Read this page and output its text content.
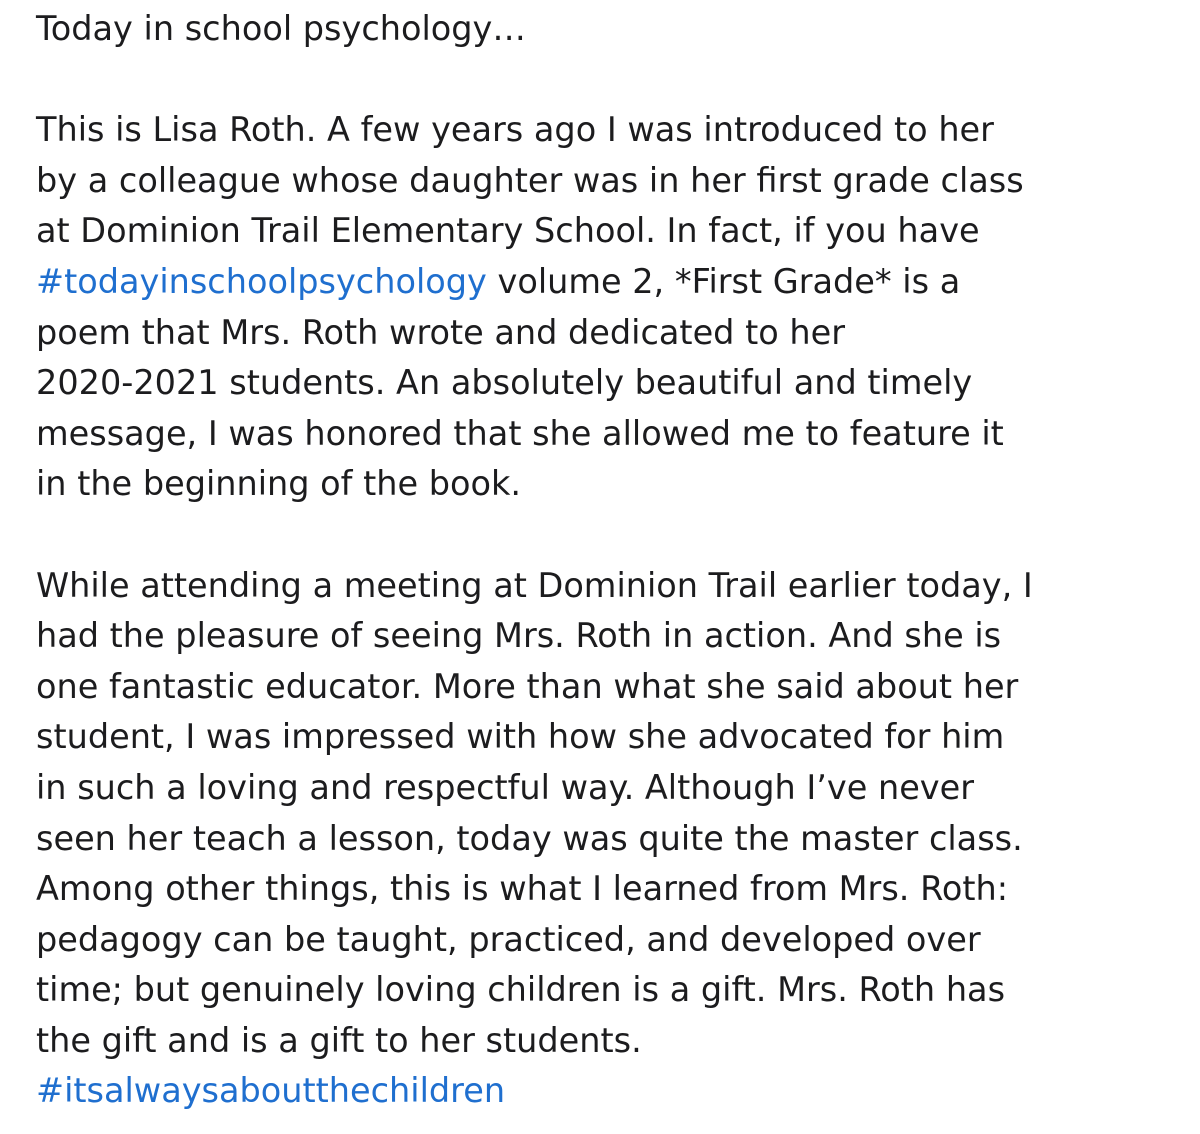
Today in school psychology…
This is Lisa Roth. A few years ago I was introduced to her
by a colleague whose daughter was in her first grade class
at Dominion Trail Elementary School. In fact, if you have
#todayinschoolpsychology volume 2, *First Grade* is a
poem that Mrs. Roth wrote and dedicated to her
2020-2021 students. An absolutely beautiful and timely
message, I was honored that she allowed me to feature it
in the beginning of the book.
While attending a meeting at Dominion Trail earlier today, I
had the pleasure of seeing Mrs. Roth in action. And she is
one fantastic educator. More than what she said about her
student, I was impressed with how she advocated for him
in such a loving and respectful way. Although I’ve never
seen her teach a lesson, today was quite the master class.
Among other things, this is what I learned from Mrs. Roth:
pedagogy can be taught, practiced, and developed over
time; but genuinely loving children is a gift. Mrs. Roth has
the gift and is a gift to her students.
#itsalwaysaboutthechildren
